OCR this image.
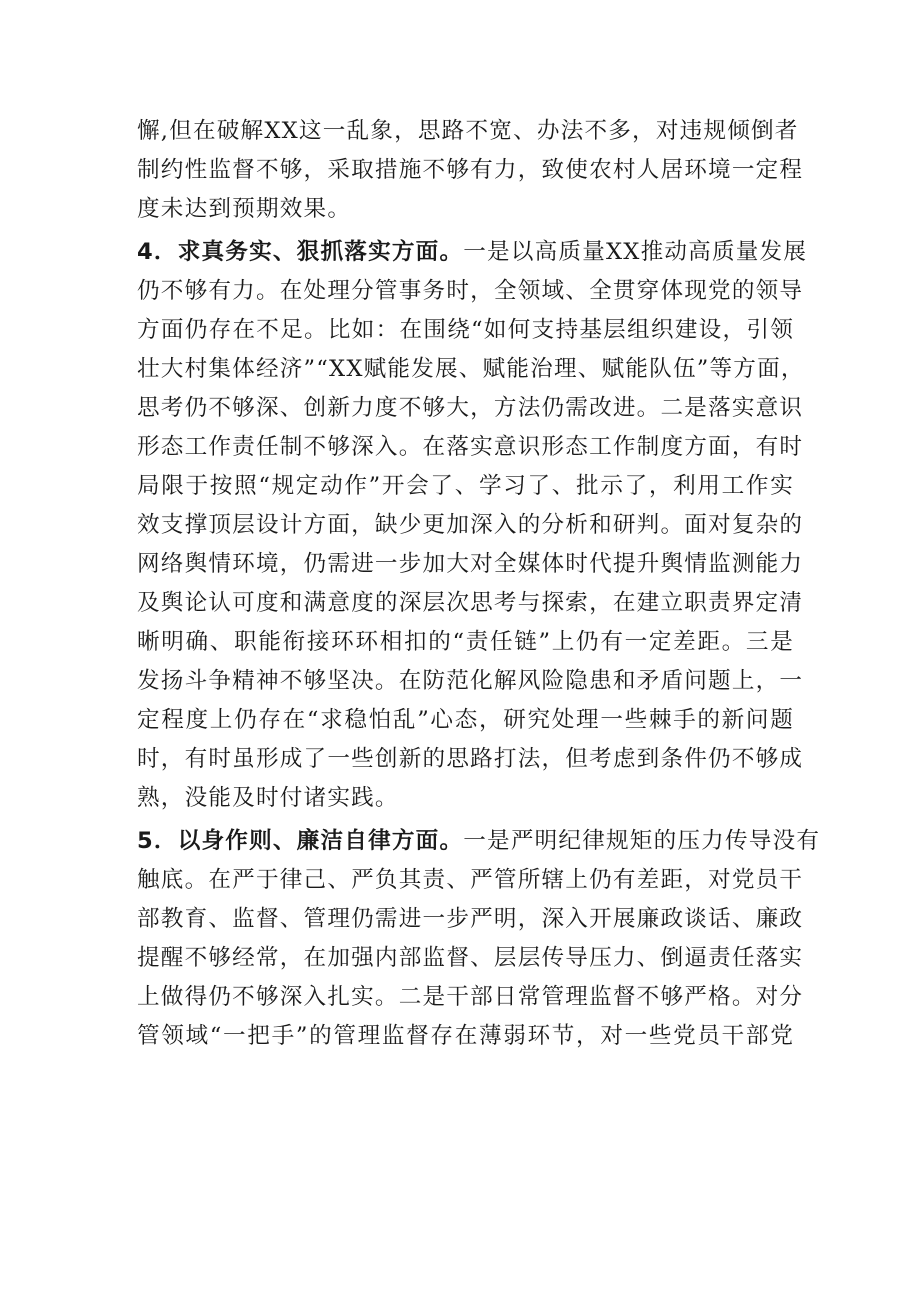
懈,但在破解XX这一乱象，思路不宽、办法不多，对违规倾倒者
制约性监督不够，采取措施不够有力，致使农村人居环境一定程
度未达到预期效果。
4．求真务实、狠抓落实方面。一是以高质量XX推动高质量发展
仍不够有力。在处理分管事务时，全领域、全贯穿体现党的领导
方面仍存在不足。比如：在围绕“如何支持基层组织建设，引领
壮大村集体经济”“XX赋能发展、赋能治理、赋能队伍”等方面，
思考仍不够深、创新力度不够大，方法仍需改进。二是落实意识
形态工作责任制不够深入。在落实意识形态工作制度方面，有时
局限于按照“规定动作”开会了、学习了、批示了，利用工作实
效支撑顶层设计方面，缺少更加深入的分析和研判。面对复杂的
网络舆情环境，仍需进一步加大对全媒体时代提升舆情监测能力
及舆论认可度和满意度的深层次思考与探索，在建立职责界定清
晰明确、职能衔接环环相扣的“责任链”上仍有一定差距。三是
发扬斗争精神不够坚决。在防范化解风险隐患和矛盾问题上，一
定程度上仍存在“求稳怕乱”心态，研究处理一些棘手的新问题
时，有时虽形成了一些创新的思路打法，但考虑到条件仍不够成
熟，没能及时付诸实践。
5．以身作则、廉洁自律方面。一是严明纪律规矩的压力传导没有
触底。在严于律己、严负其责、严管所辖上仍有差距，对党员干
部教育、监督、管理仍需进一步严明，深入开展廉政谈话、廉政
提醒不够经常，在加强内部监督、层层传导压力、倒逼责任落实
上做得仍不够深入扎实。二是干部日常管理监督不够严格。对分
管领域“一把手”的管理监督存在薄弱环节，对一些党员干部党
